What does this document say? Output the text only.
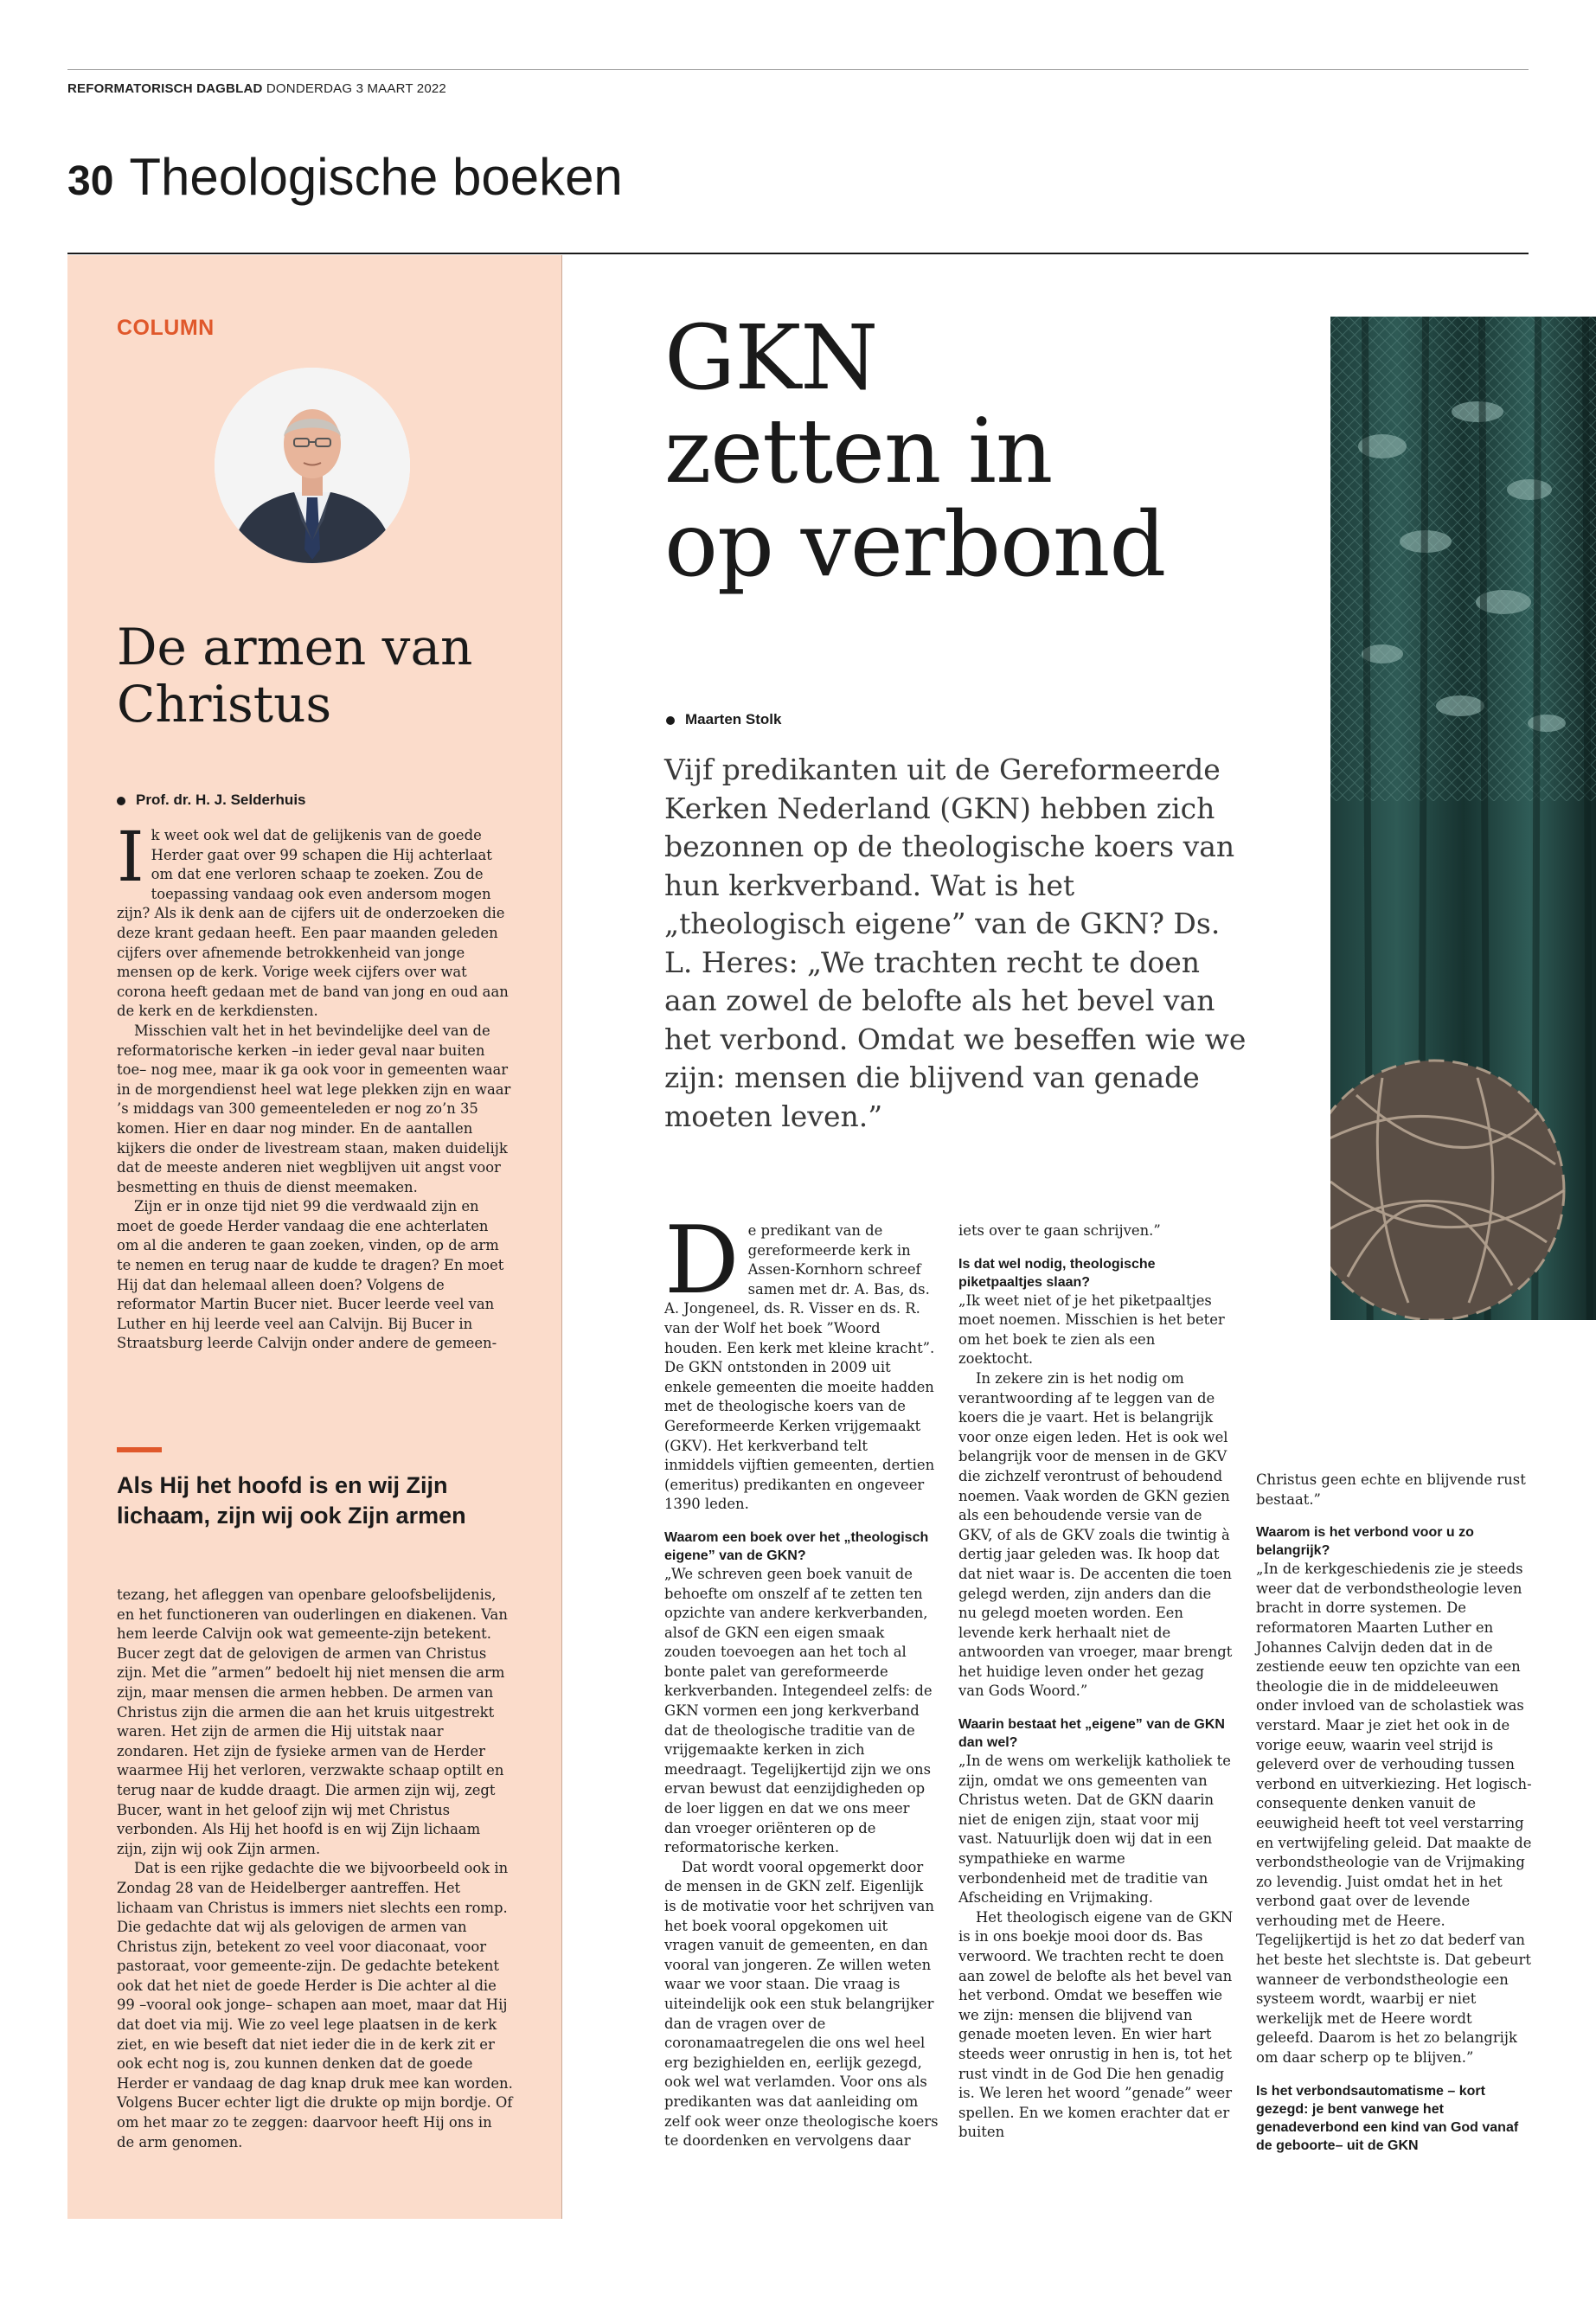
REFORMATORISCH DAGBLAD DONDERDAG 3 MAART 2022
30 Theologische boeken
COLUMN
De armen van Christus
Prof. dr. H. J. Selderhuis

Ik weet ook wel dat de gelijkenis van de goede Herder gaat over 99 schapen die Hij achterlaat om dat ene verloren schaap te zoeken. Zou de toepassing vandaag ook even andersom mogen zijn? Als ik denk aan de cijfers uit de onderzoeken die deze krant gedaan heeft. Een paar maanden geleden cijfers over afnemende betrokkenheid van jonge mensen op de kerk. Vorige week cijfers over wat corona heeft gedaan met de band van jong en oud aan de kerk en de kerkdiensten.

Misschien valt het in het bevindelijke deel van de reformatorische kerken –in ieder geval naar buiten toe– nog mee, maar ik ga ook voor in gemeenten waar in de morgendienst heel wat lege plekken zijn en waar ’s middags van 300 gemeenteleden er nog zo’n 35 komen. Hier en daar nog minder. En de aantallen kijkers die onder de livestream staan, maken duidelijk dat de meeste anderen niet wegblijven uit angst voor besmetting en thuis de dienst meemaken.

Zijn er in onze tijd niet 99 die verdwaald zijn en moet de goede Herder vandaag die ene achterlaten om al die anderen te gaan zoeken, vinden, op de arm te nemen en terug naar de kudde te dragen? En moet Hij dat dan helemaal alleen doen? Volgens de reformator Martin Bucer niet. Bucer leerde veel van Luther en hij leerde veel aan Calvijn. Bij Bucer in Straatsburg leerde Calvijn onder andere de gemeen-

Als Hij het hoofd is en wij Zijn lichaam, zijn wij ook Zijn armen

tezang, het afleggen van openbare geloofsbelijdenis, en het functioneren van ouderlingen en diakenen. Van hem leerde Calvijn ook wat gemeente-zijn betekent. Bucer zegt dat de gelovigen de armen van Christus zijn. Met die ”armen” bedoelt hij niet mensen die arm zijn, maar mensen die armen hebben. De armen van Christus zijn die armen die aan het kruis uitgestrekt waren. Het zijn de armen die Hij uitstak naar zondaren. Het zijn de fysieke armen van de Herder waarmee Hij het verloren, verzwakte schaap optilt en terug naar de kudde draagt. Die armen zijn wij, zegt Bucer, want in het geloof zijn wij met Christus verbonden. Als Hij het hoofd is en wij Zijn lichaam zijn, zijn wij ook Zijn armen.

Dat is een rijke gedachte die we bijvoorbeeld ook in Zondag 28 van de Heidelberger aantreffen. Het lichaam van Christus is immers niet slechts een romp. Die gedachte dat wij als gelovigen de armen van Christus zijn, betekent zo veel voor diaconaat, voor pastoraat, voor gemeente-zijn. De gedachte betekent ook dat het niet de goede Herder is Die achter al die 99 –vooral ook jonge– schapen aan moet, maar dat Hij dat doet via mij. Wie zo veel lege plaatsen in de kerk ziet, en wie beseft dat niet ieder die in de kerk zit er ook echt nog is, zou kunnen denken dat de goede Herder er vandaag de dag knap druk mee kan worden. Volgens Bucer echter ligt die drukte op mijn bordje. Of om het maar zo te zeggen: daarvoor heeft Hij ons in de arm genomen.

GKN
zetten in
op verbond
Maarten Stolk
Vijf predikanten uit de Gereformeerde Kerken Nederland (GKN) hebben zich bezonnen op de theologische koers van hun kerkverband. Wat is het „theologisch eigene” van de GKN? Ds. L. Heres: „We trachten recht te doen aan zowel de belofte als het bevel van het verbond. Omdat we beseffen wie we zijn: mensen die blijvend van genade moeten leven.”

De predikant van de gereformeerde kerk in Assen-Kornhorn schreef samen met dr. A. Bas, ds. A. Jongeneel, ds. R. Visser en ds. R. van der Wolf het boek ”Woord houden. Een kerk met kleine kracht”. De GKN ontstonden in 2009 uit enkele gemeenten die moeite hadden met de theologische koers van de Gereformeerde Kerken vrijgemaakt (GKV). Het kerkverband telt inmiddels vijftien gemeenten, dertien (emeritus) predikanten en ongeveer 1390 leden.

Waarom een boek over het „theologisch eigene” van de GKN?

„We schreven geen boek vanuit de behoefte om onszelf af te zetten ten opzichte van andere kerkverbanden, alsof de GKN een eigen smaak zouden toevoegen aan het toch al bonte palet van gereformeerde kerkverbanden. Integendeel zelfs: de GKN vormen een jong kerkverband dat de theologische traditie van de vrijgemaakte kerken in zich meedraagt. Tegelijkertijd zijn we ons ervan bewust dat eenzijdigheden op de loer liggen en dat we ons meer dan vroeger oriënteren op de reformatorische kerken.

Dat wordt vooral opgemerkt door de mensen in de GKN zelf. Eigenlijk is de motivatie voor het schrijven van het boek vooral opgekomen uit vragen vanuit de gemeenten, en dan vooral van jongeren. Ze willen weten waar we voor staan. Die vraag is uiteindelijk ook een stuk belangrijker dan de vragen over de coronamaatregelen die ons wel heel erg bezighielden en, eerlijk gezegd, ook wel wat verlamden. Voor ons als predikanten was dat aanleiding om zelf ook weer onze theologische koers te doordenken en vervolgens daar

iets over te gaan schrijven.”

Is dat wel nodig, theologische piketpaaltjes slaan?

„Ik weet niet of je het piketpaaltjes moet noemen. Misschien is het beter om het boek te zien als een zoektocht.

In zekere zin is het nodig om verantwoording af te leggen van de koers die je vaart. Het is belangrijk voor onze eigen leden. Het is ook wel belangrijk voor de mensen in de GKV die zichzelf verontrust of behoudend noemen. Vaak worden de GKN gezien als een behoudende versie van de GKV, of als de GKV zoals die twintig à dertig jaar geleden was. Ik hoop dat dat niet waar is. De accenten die toen gelegd werden, zijn anders dan die nu gelegd moeten worden. Een levende kerk herhaalt niet de antwoorden van vroeger, maar brengt het huidige leven onder het gezag van Gods Woord.”

Waarin bestaat het „eigene” van de GKN dan wel?

„In de wens om werkelijk katholiek te zijn, omdat we ons gemeenten van Christus weten. Dat de GKN daarin niet de enigen zijn, staat voor mij vast. Natuurlijk doen wij dat in een sympathieke en warme verbondenheid met de traditie van Afscheiding en Vrijmaking.

Het theologisch eigene van de GKN is in ons boekje mooi door ds. Bas verwoord. We trachten recht te doen aan zowel de belofte als het bevel van het verbond. Omdat we beseffen wie we zijn: mensen die blijvend van genade moeten leven. En wier hart steeds weer onrustig in hen is, tot het rust vindt in de God Die hen genadig is. We leren het woord ”genade” weer spellen. En we komen erachter dat er buiten

Christus geen echte en blijvende rust bestaat.”

Waarom is het verbond voor u zo belangrijk?

„In de kerkgeschiedenis zie je steeds weer dat de verbondstheologie leven bracht in dorre systemen. De reformatoren Maarten Luther en Johannes Calvijn deden dat in de zestiende eeuw ten opzichte van een theologie die in de middeleeuwen onder invloed van de scholastiek was verstard. Maar je ziet het ook in de vorige eeuw, waarin veel strijd is geleverd over de verhouding tussen verbond en uitverkiezing. Het logisch-consequente denken vanuit de eeuwigheid heeft tot veel verstarring en vertwijfeling geleid. Dat maakte de verbondstheologie van de Vrijmaking zo levendig. Juist omdat het in het verbond gaat over de levende verhouding met de Heere. Tegelijkertijd is het zo dat bederf van het beste het slechtste is. Dat gebeurt wanneer de verbondstheologie een systeem wordt, waarbij er niet werkelijk met de Heere wordt geleefd. Daarom is het zo belangrijk om daar scherp op te blijven.”

Is het verbondsautomatisme – kort gezegd: je bent vanwege het genadeverbond een kind van God vanaf de geboorte– uit de GKN
